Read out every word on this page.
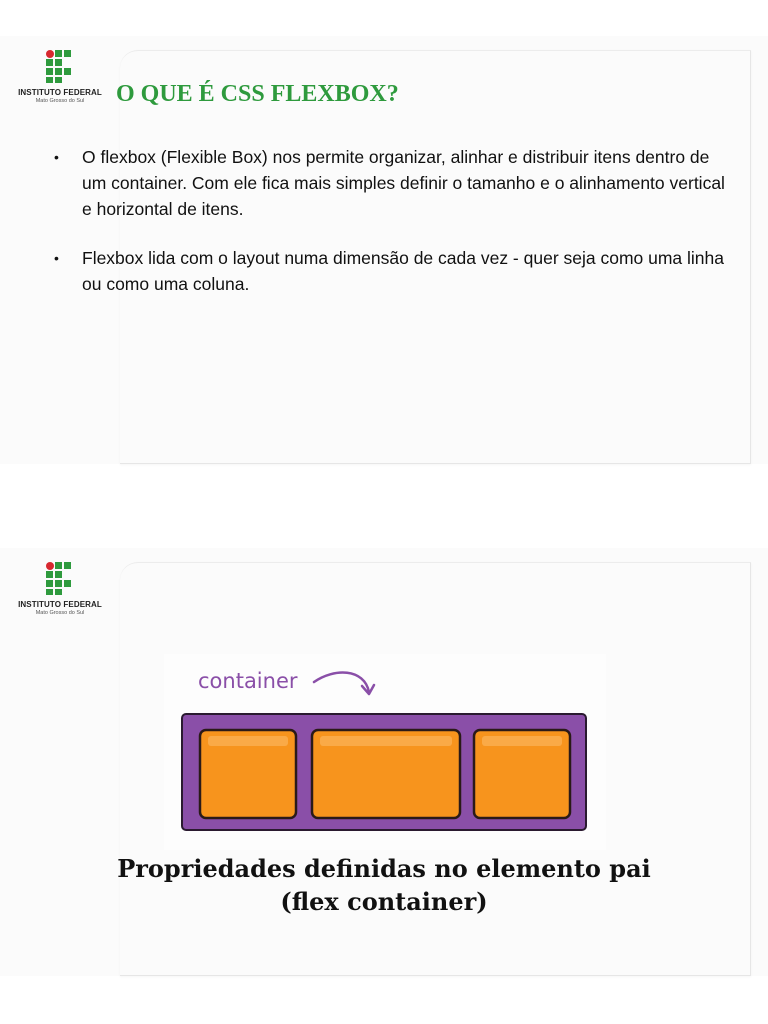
INSTITUTO FEDERAL
Mato Grosso do Sul	O QUE É CSS FLEXBOX?
• O flexbox (Flexible Box) nos permite organizar, alinhar e distribuir itens dentro de um container. Com ele fica mais simples definir o tamanho e o alinhamento vertical e horizontal de itens.
• Flexbox lida com o layout numa dimensão de cada vez - quer seja como uma linha ou como uma coluna.
INSTITUTO FEDERAL
Mato Grosso do Sul
container
Propriedades definidas no elemento pai
(flex container)
